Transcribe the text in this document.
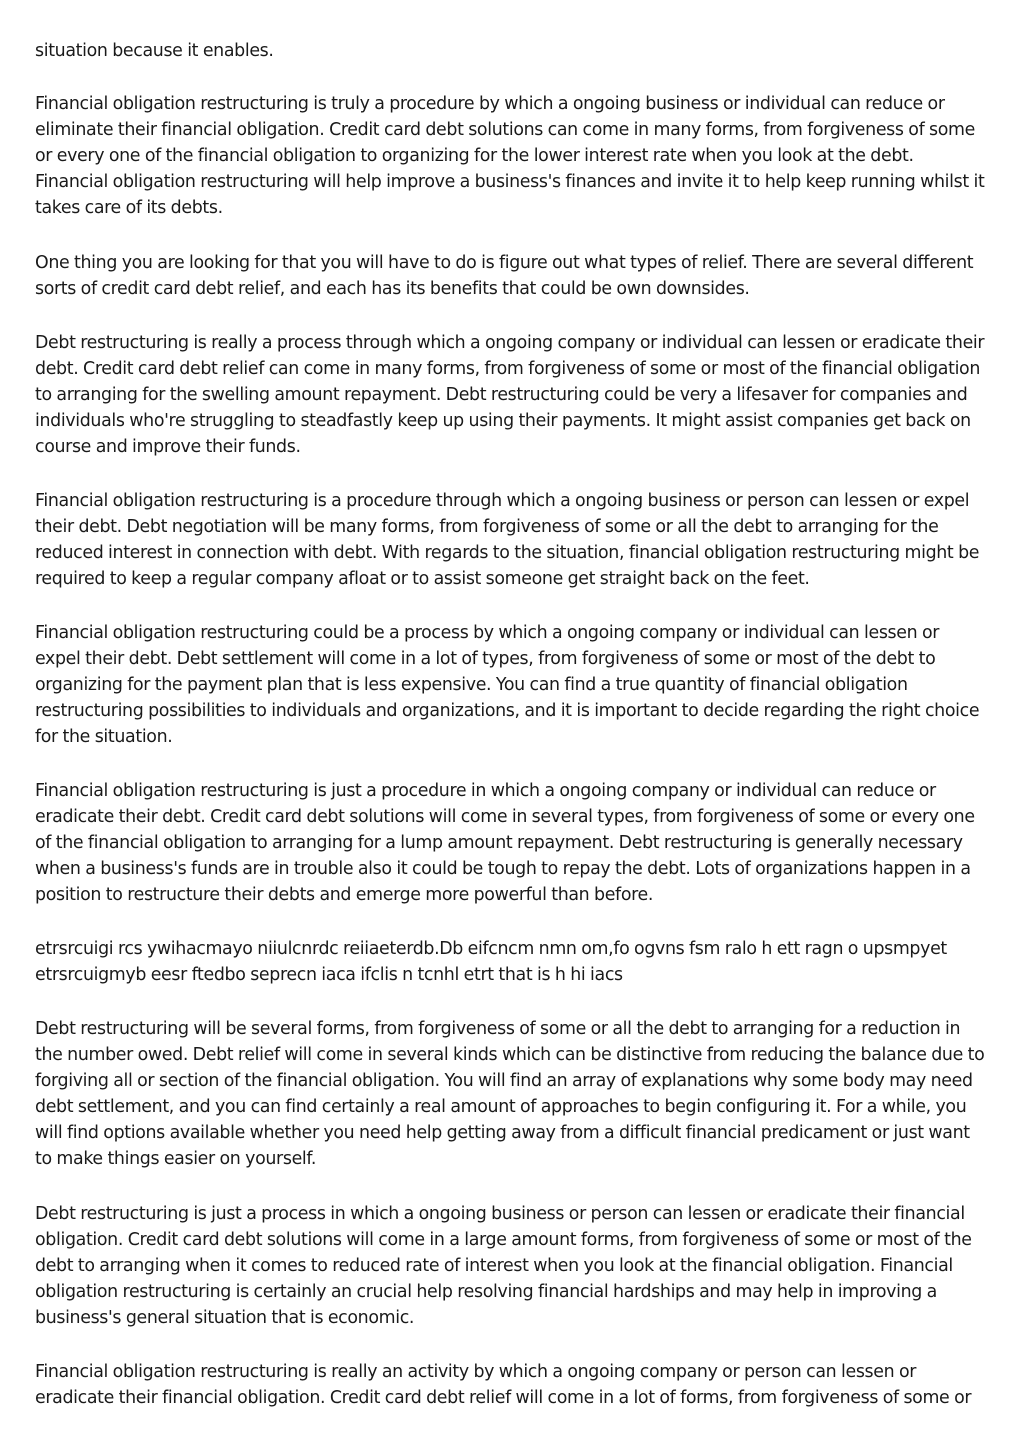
situation because it enables.

Financial obligation restructuring is truly a procedure by which a ongoing business or individual can reduce or
eliminate their financial obligation. Credit card debt solutions can come in many forms, from forgiveness of some
or every one of the financial obligation to organizing for the lower interest rate when you look at the debt.
Financial obligation restructuring will help improve a business's finances and invite it to help keep running whilst it
takes care of its debts.

One thing you are looking for that you will have to do is figure out what types of relief. There are several different
sorts of credit card debt relief, and each has its benefits that could be own downsides.

Debt restructuring is really a process through which a ongoing company or individual can lessen or eradicate their
debt. Credit card debt relief can come in many forms, from forgiveness of some or most of the financial obligation
to arranging for the swelling amount repayment. Debt restructuring could be very a lifesaver for companies and
individuals who're struggling to steadfastly keep up using their payments. It might assist companies get back on
course and improve their funds.

Financial obligation restructuring is a procedure through which a ongoing business or person can lessen or expel
their debt. Debt negotiation will be many forms, from forgiveness of some or all the debt to arranging for the
reduced interest in connection with debt. With regards to the situation, financial obligation restructuring might be
required to keep a regular company afloat or to assist someone get straight back on the feet.

Financial obligation restructuring could be a process by which a ongoing company or individual can lessen or
expel their debt. Debt settlement will come in a lot of types, from forgiveness of some or most of the debt to
organizing for the payment plan that is less expensive. You can find a true quantity of financial obligation
restructuring possibilities to individuals and organizations, and it is important to decide regarding the right choice
for the situation.

Financial obligation restructuring is just a procedure in which a ongoing company or individual can reduce or
eradicate their debt. Credit card debt solutions will come in several types, from forgiveness of some or every one
of the financial obligation to arranging for a lump amount repayment. Debt restructuring is generally necessary
when a business's funds are in trouble also it could be tough to repay the debt. Lots of organizations happen in a
position to restructure their debts and emerge more powerful than before.

etrsrcuigi rcs ywihacmayo niiulcnrdc reiiaeterdb.Db eifcncm nmn om,fo ogvns fsm ralo h ett ragn o upsmpyet
etrsrcuigmyb eesr ftedbo seprecn iaca ifclis n tcnhl etrt that is h hi iacs

Debt restructuring will be several forms, from forgiveness of some or all the debt to arranging for a reduction in
the number owed. Debt relief will come in several kinds which can be distinctive from reducing the balance due to
forgiving all or section of the financial obligation. You will find an array of explanations why some body may need
debt settlement, and you can find certainly a real amount of approaches to begin configuring it. For a while, you
will find options available whether you need help getting away from a difficult financial predicament or just want
to make things easier on yourself.

Debt restructuring is just a process in which a ongoing business or person can lessen or eradicate their financial
obligation. Credit card debt solutions will come in a large amount forms, from forgiveness of some or most of the
debt to arranging when it comes to reduced rate of interest when you look at the financial obligation. Financial
obligation restructuring is certainly an crucial help resolving financial hardships and may help in improving a
business's general situation that is economic.

Financial obligation restructuring is really an activity by which a ongoing company or person can lessen or
eradicate their financial obligation. Credit card debt relief will come in a lot of forms, from forgiveness of some or
